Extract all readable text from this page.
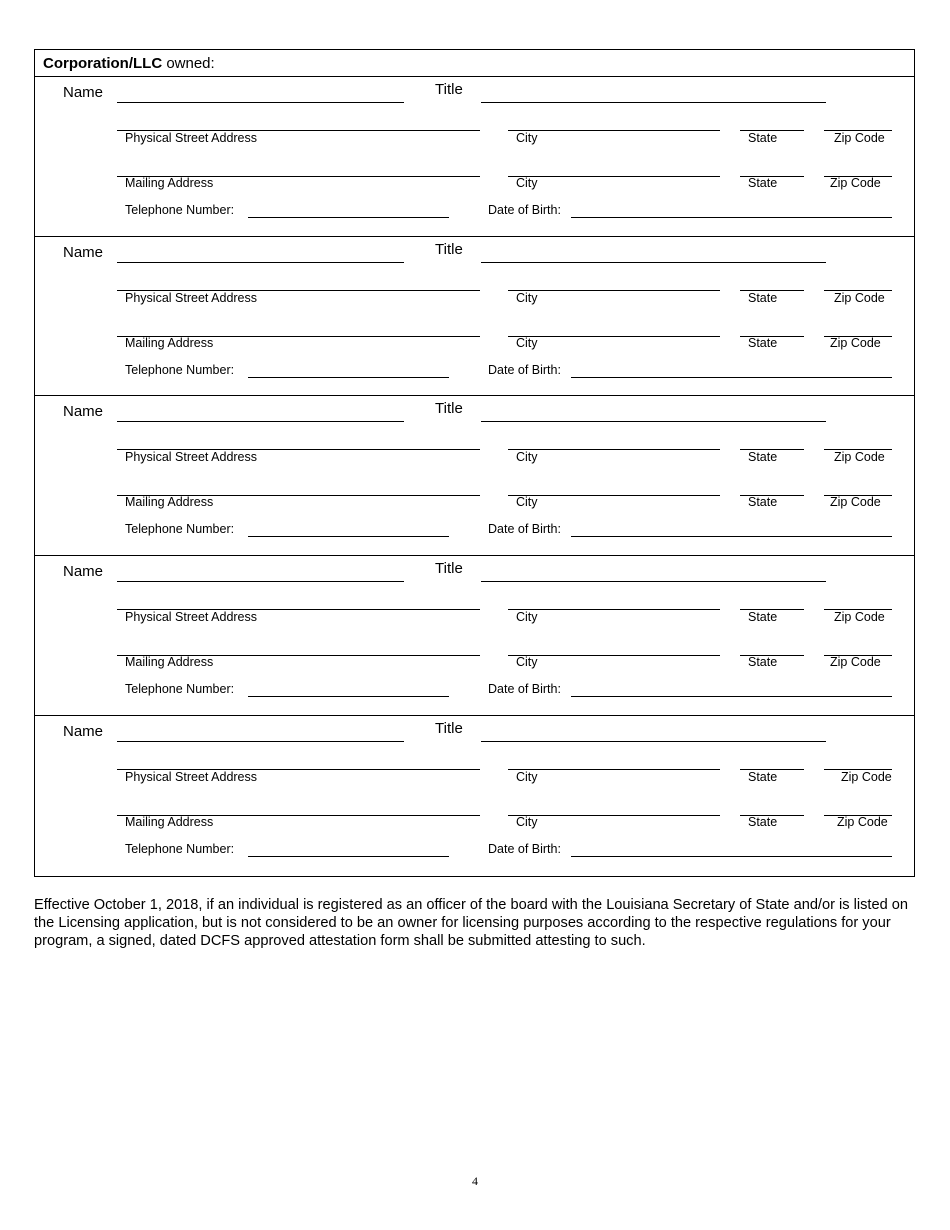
Corporation/LLC owned:
Name	Title
Physical Street Address	City	State	Zip Code
Mailing Address	City	State	Zip Code
Telephone Number:	Date of Birth:
Name	Title
Physical Street Address	City	State	Zip Code
Mailing Address	City	State	Zip Code
Telephone Number:	Date of Birth:
Name	Title
Physical Street Address	City	State	Zip Code
Mailing Address	City	State	Zip Code
Telephone Number:	Date of Birth:
Name	Title
Physical Street Address	City	State	Zip Code
Mailing Address	City	State	Zip Code
Telephone Number:	Date of Birth:
Name	Title
Physical Street Address	City	State	Zip Code
Mailing Address	City	State	Zip Code
Telephone Number:	Date of Birth:
Effective October 1, 2018, if an individual is registered as an officer of the board with the Louisiana Secretary of State and/or is listed on the Licensing application, but is not considered to be an owner for licensing purposes according to the respective regulations for your program, a signed, dated DCFS approved attestation form shall be submitted attesting to such.
4
